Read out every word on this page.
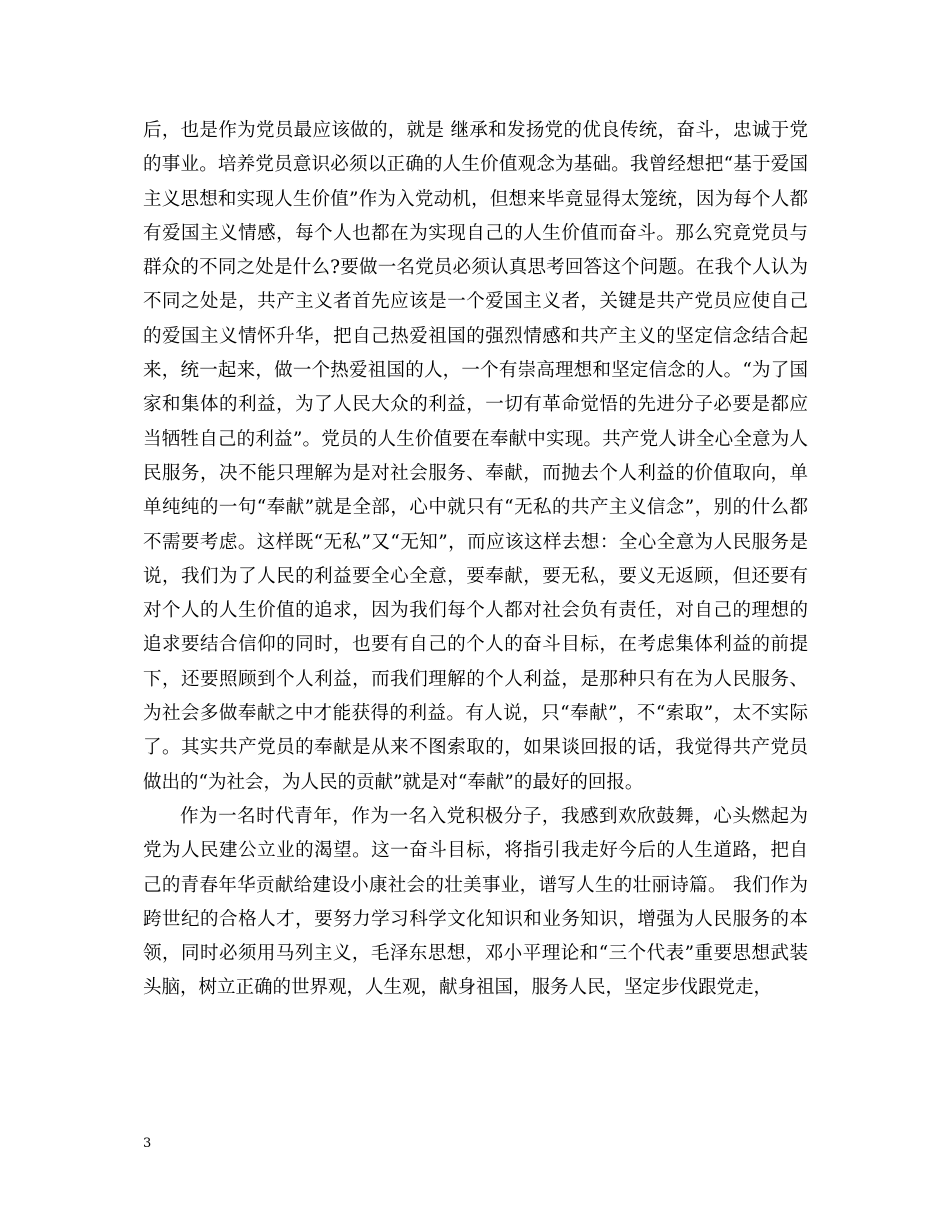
后，也是作为党员最应该做的，就是 继承和发扬党的优良传统，奋斗，忠诚于党的事业。培养党员意识必须以正确的人生价值观念为基础。我曾经想把“基于爱国主义思想和实现人生价值”作为入党动机，但想来毕竟显得太笼统，因为每个人都有爱国主义情感，每个人也都在为实现自己的人生价值而奋斗。那么究竟党员与群众的不同之处是什么?要做一名党员必须认真思考回答这个问题。在我个人认为不同之处是，共产主义者首先应该是一个爱国主义者，关键是共产党员应使自己的爱国主义情怀升华，把自己热爱祖国的强烈情感和共产主义的坚定信念结合起来，统一起来，做一个热爱祖国的人，一个有崇高理想和坚定信念的人。“为了国家和集体的利益，为了人民大众的利益，一切有革命觉悟的先进分子必要是都应当牺牲自己的利益”。党员的人生价值要在奉献中实现。共产党人讲全心全意为人民服务，决不能只理解为是对社会服务、奉献，而抛去个人利益的价值取向，单单纯纯的一句“奉献”就是全部，心中就只有“无私的共产主义信念”，别的什么都不需要考虑。这样既“无私”又“无知”，而应该这样去想：全心全意为人民服务是说，我们为了人民的利益要全心全意，要奉献，要无私，要义无返顾，但还要有对个人的人生价值的追求，因为我们每个人都对社会负有责任，对自己的理想的追求要结合信仰的同时，也要有自己的个人的奋斗目标，在考虑集体利益的前提下，还要照顾到个人利益，而我们理解的个人利益，是那种只有在为人民服务、为社会多做奉献之中才能获得的利益。有人说，只“奉献”，不“索取”，太不实际了。其实共产党员的奉献是从来不图索取的，如果谈回报的话，我觉得共产党员做出的“为社会，为人民的贡献”就是对“奉献”的最好的回报。

作为一名时代青年，作为一名入党积极分子，我感到欢欣鼓舞，心头燃起为党为人民建公立业的渴望。这一奋斗目标，将指引我走好今后的人生道路，把自己的青春年华贡献给建设小康社会的壮美事业，谱写人生的壮丽诗篇。 我们作为跨世纪的合格人才，要努力学习科学文化知识和业务知识，增强为人民服务的本领，同时必须用马列主义，毛泽东思想，邓小平理论和“三个代表”重要思想武装头脑，树立正确的世界观，人生观，献身祖国，服务人民，坚定步伐跟党走，

3
